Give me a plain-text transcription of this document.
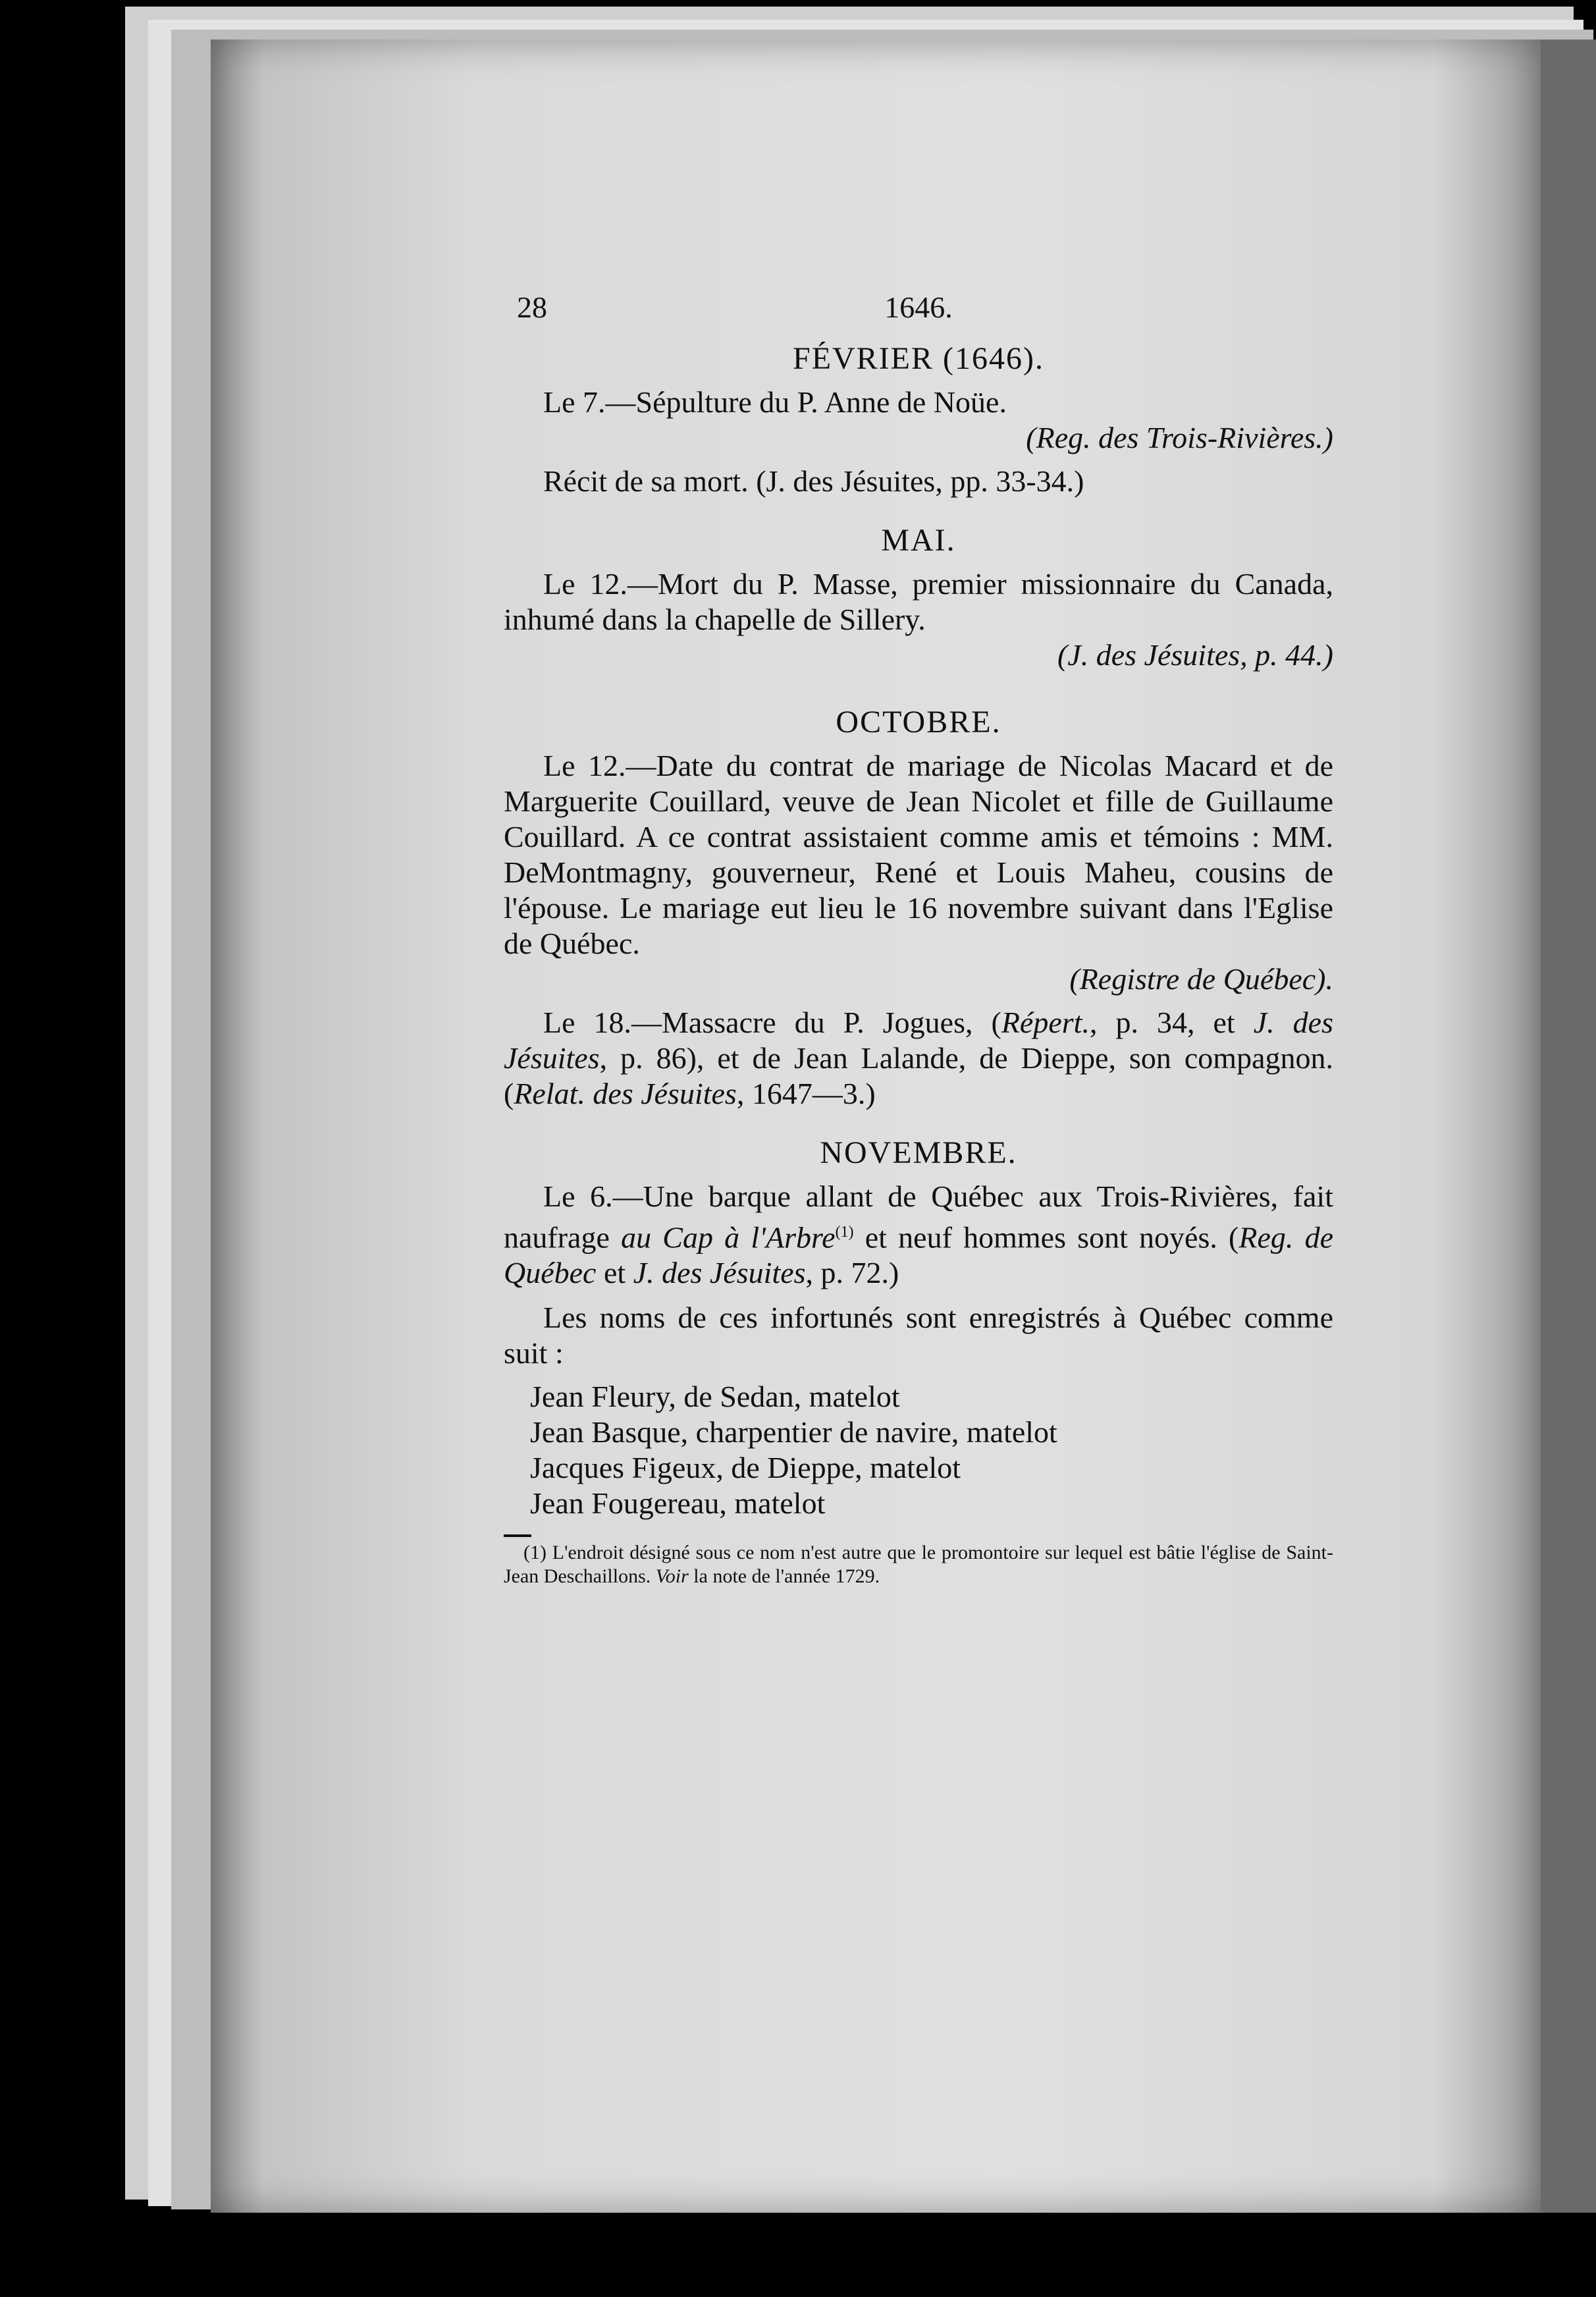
28	1646.
FÉVRIER (1646).

Le 7.—Sépulture du P. Anne de Noüe.

(Reg. des Trois-Rivières.)

Récit de sa mort. (J. des Jésuites, pp. 33-34.)

MAI.

Le 12.—Mort du P. Masse, premier missionnaire du Canada, inhumé dans la chapelle de Sillery.

(J. des Jésuites, p. 44.)

OCTOBRE.

Le 12.—Date du contrat de mariage de Nicolas Macard et de Marguerite Couillard, veuve de Jean Nicolet et fille de Guillaume Couillard. A ce contrat assistaient comme amis et témoins : MM. DeMontmagny, gouverneur, René et Louis Maheu, cousins de l'épouse. Le mariage eut lieu le 16 novembre suivant dans l'Eglise de Québec.

(Registre de Québec).

Le 18.—Massacre du P. Jogues, (Répert., p. 34, et J. des Jésuites, p. 86), et de Jean Lalande, de Dieppe, son compagnon. (Relat. des Jésuites, 1647—3.)

NOVEMBRE.

Le 6.—Une barque allant de Québec aux Trois-Rivières, fait naufrage au Cap à l'Arbre$^{(1)}$ et neuf hommes sont noyés. (Reg. de Québec et J. des Jésuites, p. 72.)

Les noms de ces infortunés sont enregistrés à Québec comme suit :

Jean Fleury, de Sedan, matelot
Jean Basque, charpentier de navire, matelot
Jacques Figeux, de Dieppe, matelot
Jean Fougereau, matelot

(1) L'endroit désigné sous ce nom n'est autre que le promontoire sur lequel est bâtie l'église de Saint-Jean Deschaillons. Voir la note de l'année 1729.
